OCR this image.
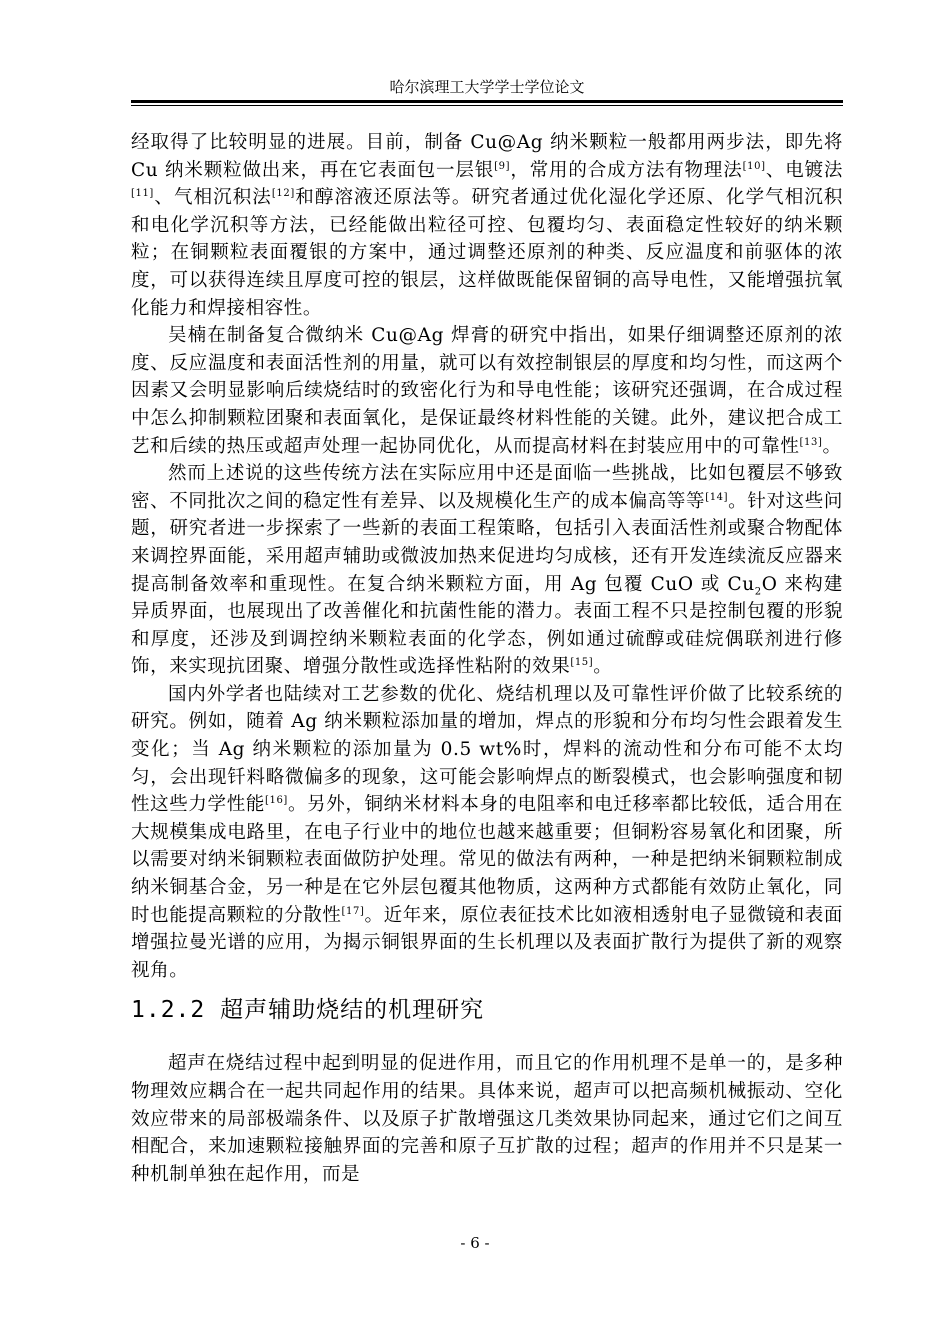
哈尔滨理工大学学士学位论文

经取得了比较明显的进展。目前，制备 Cu@Ag 纳米颗粒一般都用两步法，即先将 Cu 纳米颗粒做出来，再在它表面包一层银[9]，常用的合成方法有物理法[10]、电镀法[11]、气相沉积法[12]和醇溶液还原法等。研究者通过优化湿化学还原、化学气相沉积和电化学沉积等方法，已经能做出粒径可控、包覆均匀、表面稳定性较好的纳米颗粒；在铜颗粒表面覆银的方案中，通过调整还原剂的种类、反应温度和前驱体的浓度，可以获得连续且厚度可控的银层，这样做既能保留铜的高导电性，又能增强抗氧化能力和焊接相容性。

吴楠在制备复合微纳米 Cu@Ag 焊膏的研究中指出，如果仔细调整还原剂的浓度、反应温度和表面活性剂的用量，就可以有效控制银层的厚度和均匀性，而这两个因素又会明显影响后续烧结时的致密化行为和导电性能；该研究还强调，在合成过程中怎么抑制颗粒团聚和表面氧化，是保证最终材料性能的关键。此外，建议把合成工艺和后续的热压或超声处理一起协同优化，从而提高材料在封装应用中的可靠性[13]。

然而上述说的这些传统方法在实际应用中还是面临一些挑战，比如包覆层不够致密、不同批次之间的稳定性有差异、以及规模化生产的成本偏高等等[14]。针对这些问题，研究者进一步探索了一些新的表面工程策略，包括引入表面活性剂或聚合物配体来调控界面能，采用超声辅助或微波加热来促进均匀成核，还有开发连续流反应器来提高制备效率和重现性。在复合纳米颗粒方面，用 Ag 包覆 CuO 或 $Cu_2O$ 来构建异质界面，也展现出了改善催化和抗菌性能的潜力。表面工程不只是控制包覆的形貌和厚度，还涉及到调控纳米颗粒表面的化学态，例如通过硫醇或硅烷偶联剂进行修饰，来实现抗团聚、增强分散性或选择性粘附的效果[15]。

国内外学者也陆续对工艺参数的优化、烧结机理以及可靠性评价做了比较系统的研究。例如，随着 Ag 纳米颗粒添加量的增加，焊点的形貌和分布均匀性会跟着发生变化；当 Ag 纳米颗粒的添加量为 0.5 wt%时，焊料的流动性和分布可能不太均匀，会出现钎料略微偏多的现象，这可能会影响焊点的断裂模式，也会影响强度和韧性这些力学性能[16]。另外，铜纳米材料本身的电阻率和电迁移率都比较低，适合用在大规模集成电路里，在电子行业中的地位也越来越重要；但铜粉容易氧化和团聚，所以需要对纳米铜颗粒表面做防护处理。常见的做法有两种，一种是把纳米铜颗粒制成纳米铜基合金，另一种是在它外层包覆其他物质，这两种方式都能有效防止氧化，同时也能提高颗粒的分散性[17]。近年来，原位表征技术比如液相透射电子显微镜和表面增强拉曼光谱的应用，为揭示铜银界面的生长机理以及表面扩散行为提供了新的观察视角。

1.2.2 超声辅助烧结的机理研究

超声在烧结过程中起到明显的促进作用，而且它的作用机理不是单一的，是多种物理效应耦合在一起共同起作用的结果。具体来说，超声可以把高频机械振动、空化效应带来的局部极端条件、以及原子扩散增强这几类效果协同起来，通过它们之间互相配合，来加速颗粒接触界面的完善和原子互扩散的过程；超声的作用并不只是某一种机制单独在起作用，而是

- 6 -
